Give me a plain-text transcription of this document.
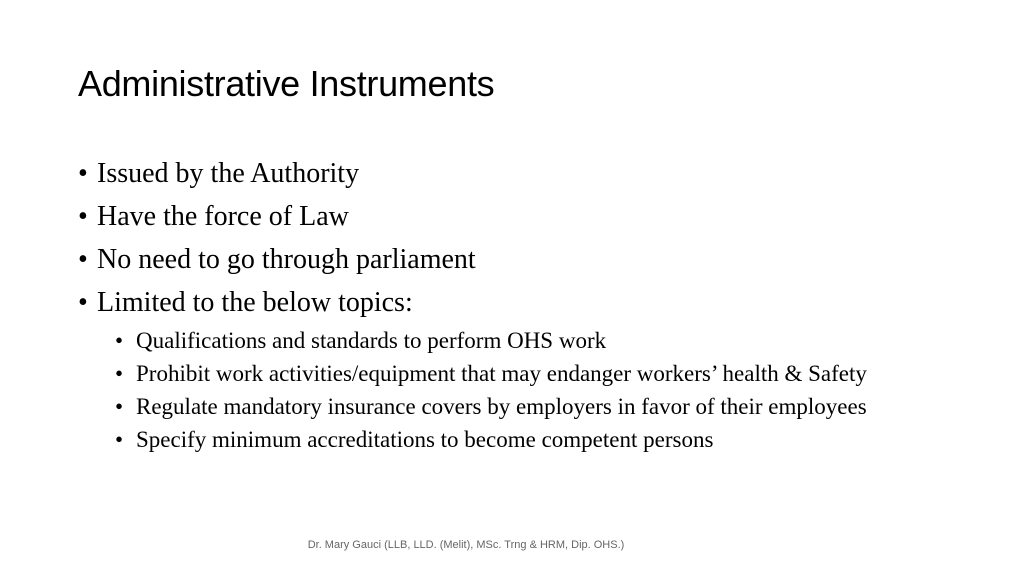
Administrative Instruments
• Issued by the Authority
• Have the force of Law
• No need to go through parliament
• Limited to the below topics:
• Qualifications and standards to perform OHS work
• Prohibit work activities/equipment that may endanger workers’ health & Safety
• Regulate mandatory insurance covers by employers in favor of their employees
• Specify minimum accreditations to become competent persons
Dr. Mary Gauci (LLB, LLD. (Melit), MSc. Trng & HRM, Dip. OHS.)
